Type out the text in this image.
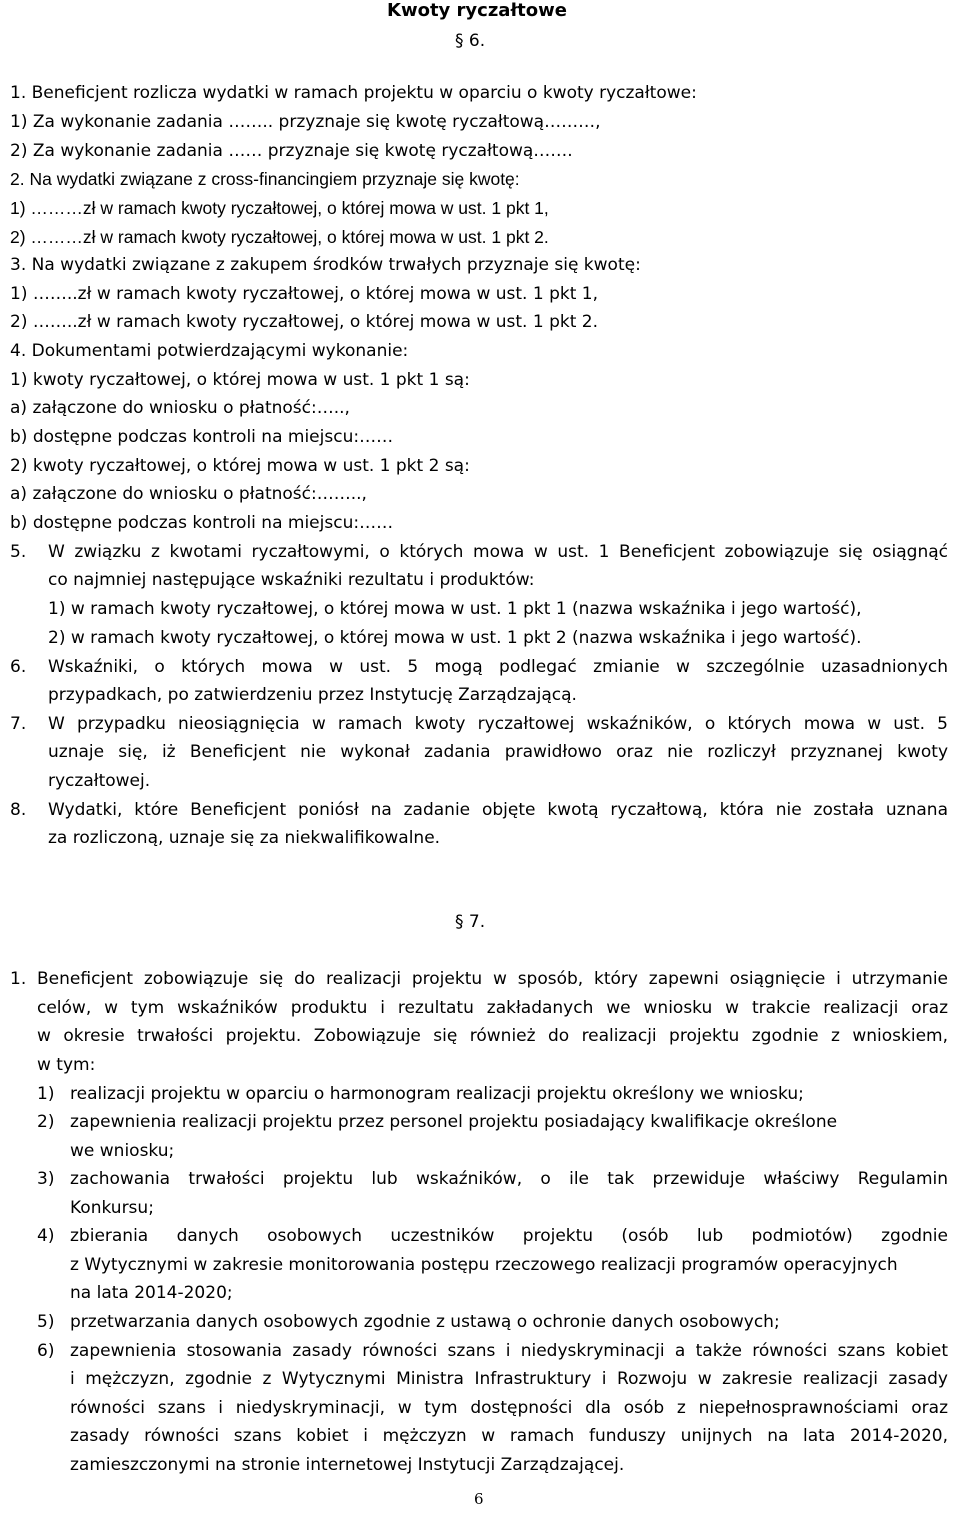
Kwoty ryczałtowe
§ 6.
1. Beneficjent rozlicza wydatki w ramach projektu w oparciu o kwoty ryczałtowe:
1) Za wykonanie zadania …….. przyznaje się kwotę ryczałtową………,
2) Za wykonanie zadania …… przyznaje się kwotę ryczałtową…….
2. Na wydatki związane z cross-financingiem przyznaje się kwotę:
1) ………zł w ramach kwoty ryczałtowej, o której mowa w ust. 1 pkt 1,
2) ………zł w ramach kwoty ryczałtowej, o której mowa w ust. 1 pkt 2.
3. Na wydatki związane z zakupem środków trwałych przyznaje się kwotę:
1) ……..zł w ramach kwoty ryczałtowej, o której mowa w ust. 1 pkt 1,
2) ……..zł w ramach kwoty ryczałtowej, o której mowa w ust. 1 pkt 2.
4. Dokumentami potwierdzającymi wykonanie:
1) kwoty ryczałtowej, o której mowa w ust. 1 pkt 1 są:
a) załączone do wniosku o płatność:…..,
b) dostępne podczas kontroli na miejscu:……
2) kwoty ryczałtowej, o której mowa w ust. 1 pkt 2 są:
a) załączone do wniosku o płatność:……..,
b) dostępne podczas kontroli na miejscu:……
5. W związku z kwotami ryczałtowymi, o których mowa w ust. 1 Beneficjent zobowiązuje się osiągnąć
co najmniej następujące wskaźniki rezultatu i produktów:
1) w ramach kwoty ryczałtowej, o której mowa w ust. 1 pkt 1 (nazwa wskaźnika i jego wartość),
2) w ramach kwoty ryczałtowej, o której mowa w ust. 1 pkt 2 (nazwa wskaźnika i jego wartość).
6. Wskaźniki, o których mowa w ust. 5 mogą podlegać zmianie w szczególnie uzasadnionych
przypadkach, po zatwierdzeniu przez Instytucję Zarządzającą.
7. W przypadku nieosiągnięcia w ramach kwoty ryczałtowej wskaźników, o których mowa w ust. 5
uznaje się, iż Beneficjent nie wykonał zadania prawidłowo oraz nie rozliczył przyznanej kwoty
ryczałtowej.
8. Wydatki, które Beneficjent poniósł na zadanie objęte kwotą ryczałtową, która nie została uznana
za rozliczoną, uznaje się za niekwalifikowalne.
§ 7.
1. Beneficjent zobowiązuje się do realizacji projektu w sposób, który zapewni osiągnięcie i utrzymanie
celów, w tym wskaźników produktu i rezultatu zakładanych we wniosku w trakcie realizacji oraz
w okresie trwałości projektu. Zobowiązuje się również do realizacji projektu zgodnie z wnioskiem,
w tym:
1) realizacji projektu w oparciu o harmonogram realizacji projektu określony we wniosku;
2) zapewnienia realizacji projektu przez personel projektu posiadający kwalifikacje określone
we wniosku;
3) zachowania trwałości projektu lub wskaźników, o ile tak przewiduje właściwy Regulamin
Konkursu;
4) zbierania danych osobowych uczestników projektu (osób lub podmiotów) zgodnie
z Wytycznymi w zakresie monitorowania postępu rzeczowego realizacji programów operacyjnych
na lata 2014-2020;
5) przetwarzania danych osobowych zgodnie z ustawą o ochronie danych osobowych;
6) zapewnienia stosowania zasady równości szans i niedyskryminacji a także równości szans kobiet
i mężczyzn, zgodnie z Wytycznymi Ministra Infrastruktury i Rozwoju w zakresie realizacji zasady
równości szans i niedyskryminacji, w tym dostępności dla osób z niepełnosprawnościami oraz
zasady równości szans kobiet i mężczyzn w ramach funduszy unijnych na lata 2014-2020,
zamieszczonymi na stronie internetowej Instytucji Zarządzającej.
6
